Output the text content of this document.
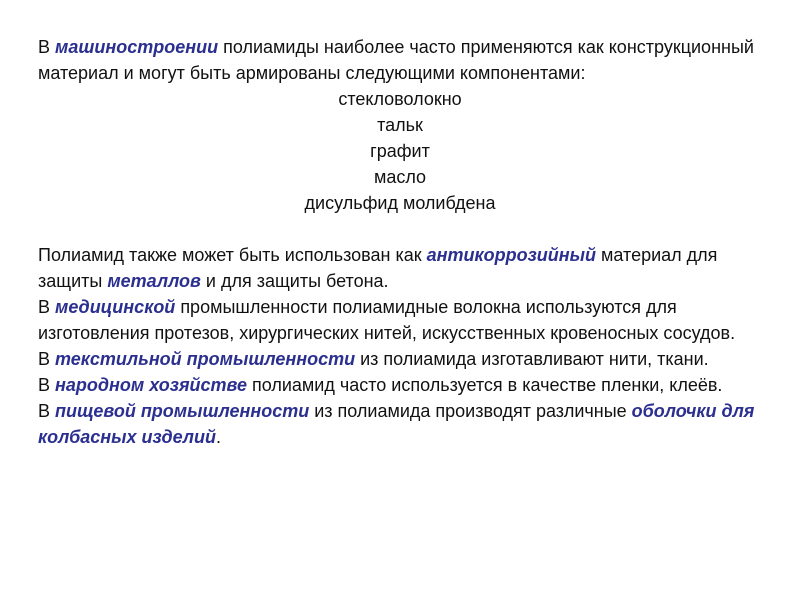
В машиностроении полиамиды наиболее часто применяются как конструкционный материал и могут быть армированы следующими компонентами:

стекловолокно
тальк
графит
масло
дисульфид молибдена

Полиамид также может быть использован как антикоррозийный материал для защиты металлов и для защиты бетона.

В медицинской промышленности полиамидные волокна используются для изготовления протезов, хирургических нитей, искусственных кровеносных сосудов.

В текстильной промышленности из полиамида изготавливают нити, ткани.

В народном хозяйстве полиамид часто используется в качестве пленки, клеёв.

В пищевой промышленности из полиамида производят различные оболочки для колбасных изделий.
